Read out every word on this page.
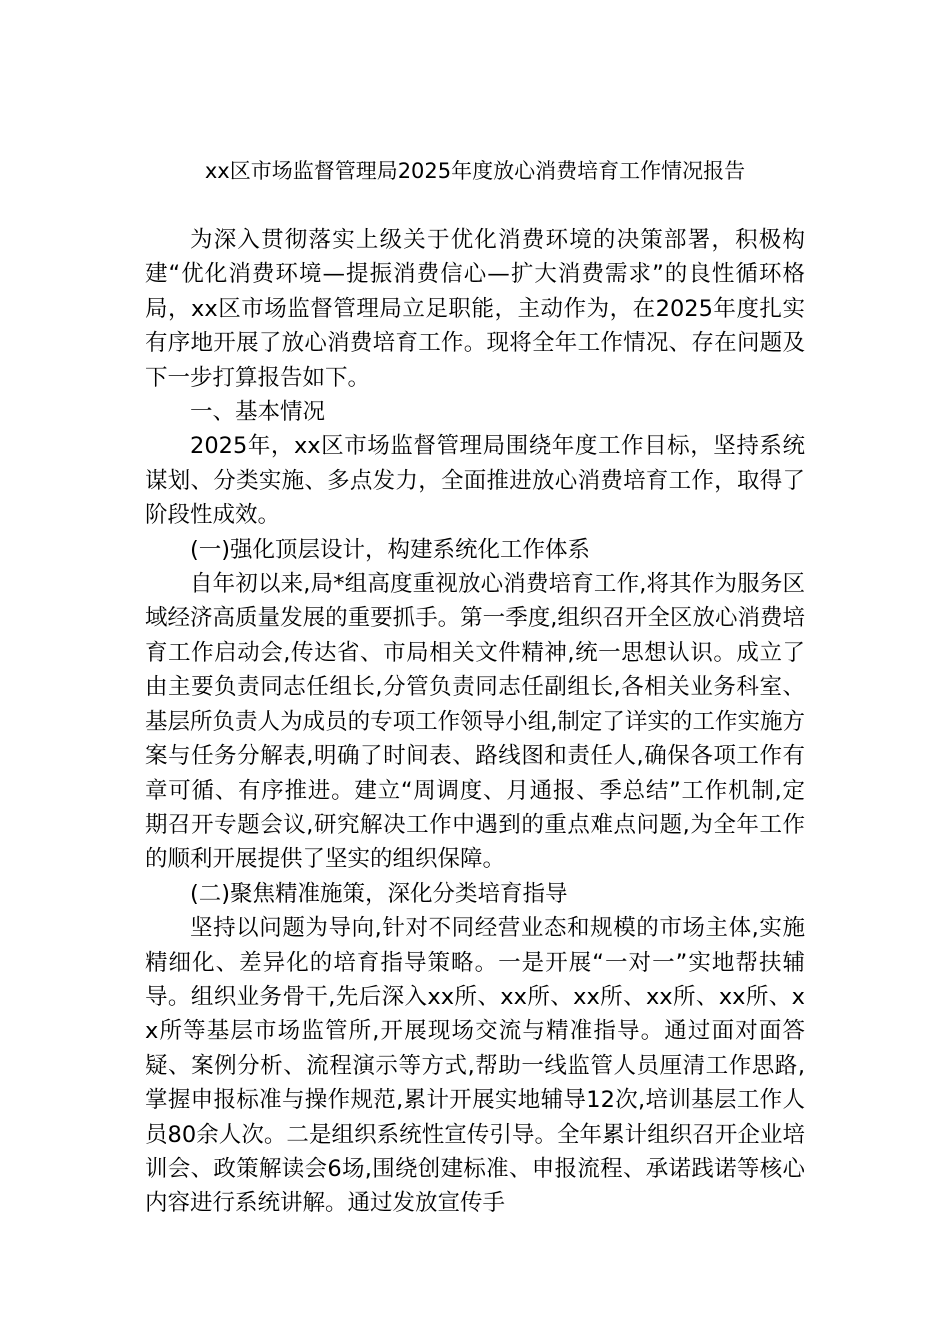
xx区市场监督管理局2025年度放心消费培育工作情况报告

为深入贯彻落实上级关于优化消费环境的决策部署，积极构建“优化消费环境—提振消费信心—扩大消费需求”的良性循环格局，xx区市场监督管理局立足职能，主动作为，在2025年度扎实有序地开展了放心消费培育工作。现将全年工作情况、存在问题及下一步打算报告如下。

一、基本情况

2025年，xx区市场监督管理局围绕年度工作目标，坚持系统谋划、分类实施、多点发力，全面推进放心消费培育工作，取得了阶段性成效。

(一)强化顶层设计，构建系统化工作体系

自年初以来,局*组高度重视放心消费培育工作,将其作为服务区域经济高质量发展的重要抓手。第一季度,组织召开全区放心消费培育工作启动会,传达省、市局相关文件精神,统一思想认识。成立了由主要负责同志任组长,分管负责同志任副组长,各相关业务科室、基层所负责人为成员的专项工作领导小组,制定了详实的工作实施方案与任务分解表,明确了时间表、路线图和责任人,确保各项工作有章可循、有序推进。建立“周调度、月通报、季总结”工作机制,定期召开专题会议,研究解决工作中遇到的重点难点问题,为全年工作的顺利开展提供了坚实的组织保障。

(二)聚焦精准施策，深化分类培育指导

坚持以问题为导向,针对不同经营业态和规模的市场主体,实施精细化、差异化的培育指导策略。一是开展“一对一”实地帮扶辅导。组织业务骨干,先后深入xx所、xx所、xx所、xx所、xx所、xx所等基层市场监管所,开展现场交流与精准指导。通过面对面答疑、案例分析、流程演示等方式,帮助一线监管人员厘清工作思路,掌握申报标准与操作规范,累计开展实地辅导12次,培训基层工作人员80余人次。二是组织系统性宣传引导。全年累计组织召开企业培训会、政策解读会6场,围绕创建标准、申报流程、承诺践诺等核心内容进行系统讲解。通过发放宣传手
